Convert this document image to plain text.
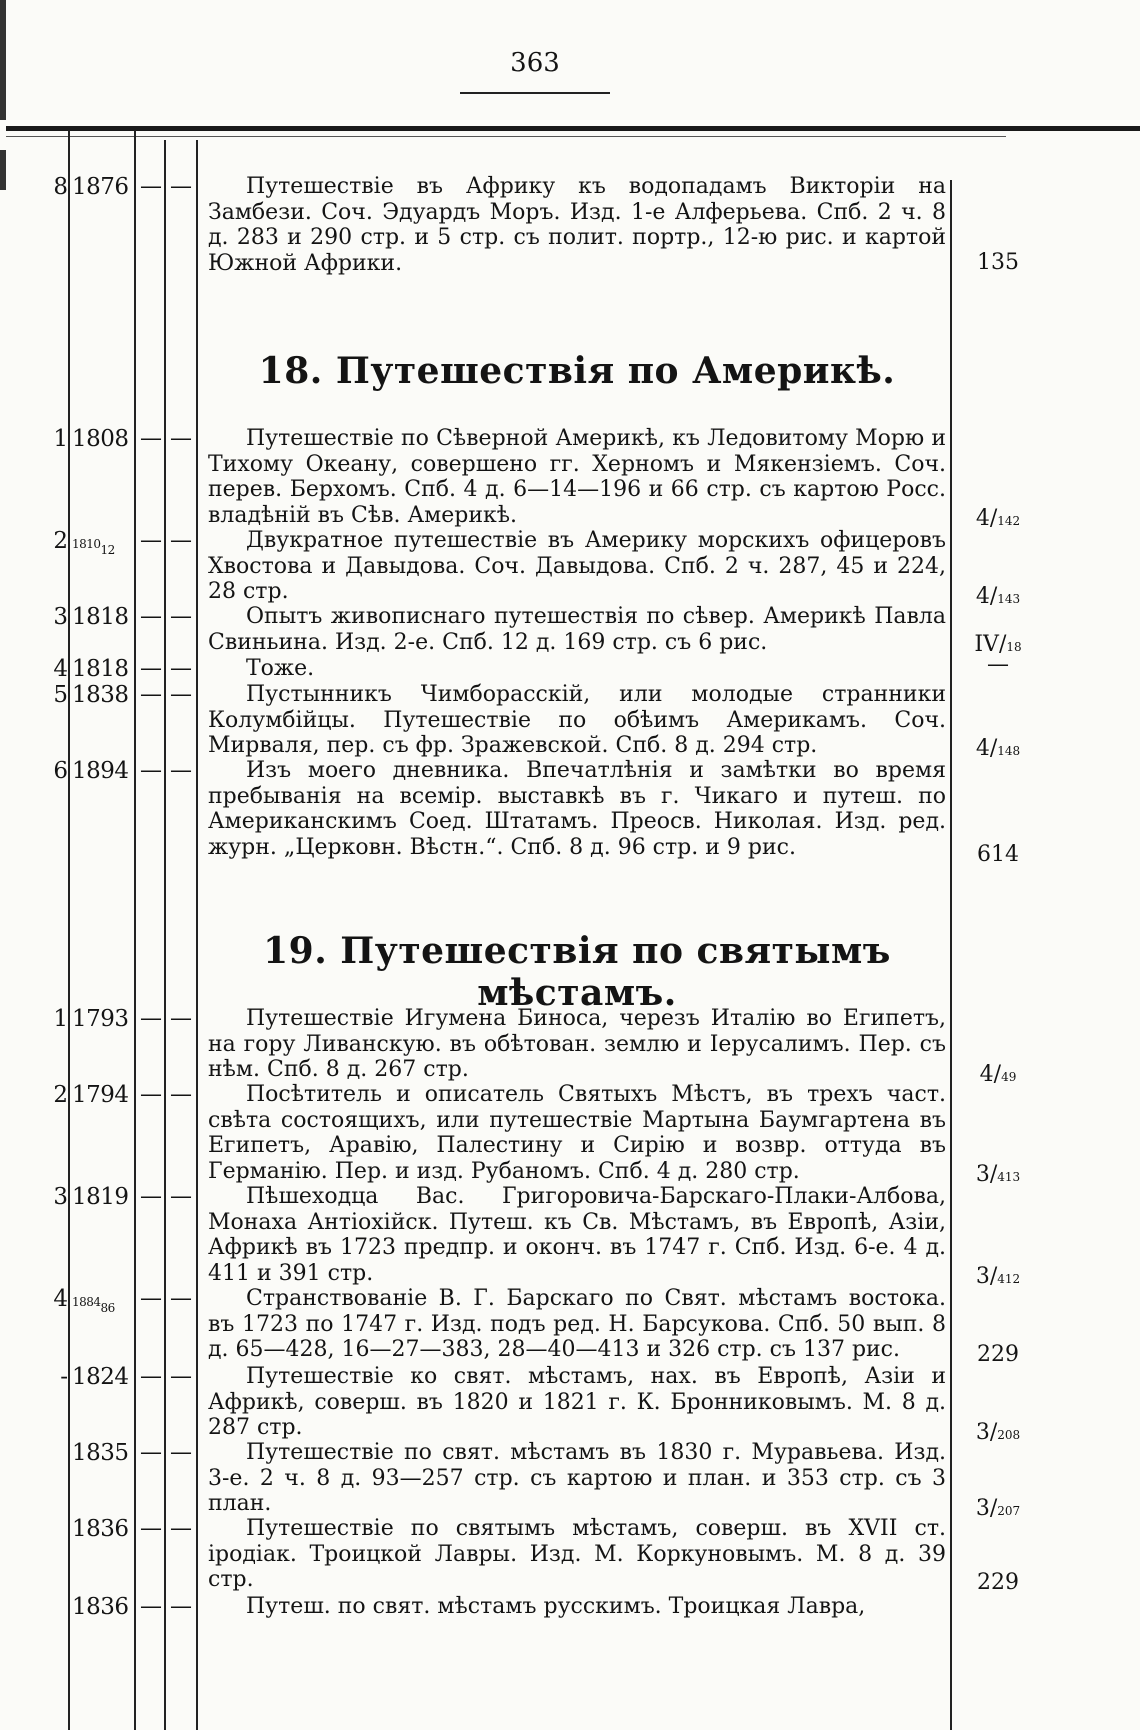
363
8 1876 — —	Путешествіе въ Африку къ водопадамъ Викторіи на Замбези. Соч. Эдуардъ Моръ. Изд. 1-е Алферьева. Спб. 2 ч. 8 д. 283 и 290 стр. и 5 стр. съ полит. портр., 12-ю рис. и картой Южной Африки.	135
18. Путешествія по Америкѣ.
1 1808 — —	Путешествіе по Сѣверной Америкѣ, къ Ледовитому Морю и Тихому Океану, совершено гг. Херномъ и Мякензіемъ. Соч. перев. Берхомъ. Спб. 4 д. 6—14—196 и 66 стр. съ картою Росс. владѣній въ Сѣв. Америкѣ.	4/142
2 $1810_{12}$	— —	Двукратное путешествіе въ Америку морскихъ офицеровъ Хвостова и Давыдова. Соч. Давыдова. Спб. 2 ч. 287, 45 и 224, 28 стр.	4/143
3 1818 — —	Опытъ живописнаго путешествія по сѣвер. Америкѣ Павла Свиньина. Изд. 2-е. Спб. 12 д. 169 стр. съ 6 рис.	IV/18
4 1818 — —	Тоже.	—
5 1838 — —	Пустынникъ Чимборасскій, или молодые странники Колумбійцы. Путешествіе по обѣимъ Америкамъ. Соч. Мирваля, пер. съ фр. Зражевской. Спб. 8 д. 294 стр.	4/148
6 1894 — —	Изъ моего дневника. Впечатлѣнія и замѣтки во время пребыванія на всемір. выставкѣ въ г. Чикаго и путеш. по Американскимъ Соед. Штатамъ. Преосв. Николая. Изд. ред. журн. „Церковн. Вѣстн.“. Спб. 8 д. 96 стр. и 9 рис.	614
19. Путешествія по святымъ мѣстамъ.
1 1793 — —	Путешествіе Игумена Биноса, черезъ Италію во Египетъ, на гору Ливанскую. въ обѣтован. землю и Іерусалимъ. Пер. съ нѣм. Спб. 8 д. 267 стр.	4/49
2 1794 — —	Посѣтитель и описатель Святыхъ Мѣстъ, въ трехъ част. свѣта состоящихъ, или путешествіе Мартына Баумгартена въ Египетъ, Аравію, Палестину и Сирію и возвр. оттуда въ Германію. Пер. и изд. Рубаномъ. Спб. 4 д. 280 стр.	3/413
3 1819 — —	Пѣшеходца Вас. Григоровича-Барскаго-Плаки-Албова, Монаха Антіохійск. Путеш. къ Св. Мѣстамъ, въ Европѣ, Азіи, Африкѣ въ 1723 предпр. и оконч. въ 1747 г. Спб. Изд. 6-е. 4 д. 411 и 391 стр.	3/412
4 $1884_{86}$	— —	Странствованіе В. Г. Барскаго по Свят. мѣстамъ востока. въ 1723 по 1747 г. Изд. подъ ред. Н. Барсукова. Спб. 50 вып. 8 д. 65—428, 16—27—383, 28—40—413 и 326 стр. съ 137 рис.	229
- 1824 — —	Путешествіе ко свят. мѣстамъ, нах. въ Европѣ, Азіи и Африкѣ, соверш. въ 1820 и 1821 г. К. Бронниковымъ. М. 8 д. 287 стр.	3/208
1835 — —	Путешествіе по свят. мѣстамъ въ 1830 г. Муравьева. Изд. 3-е. 2 ч. 8 д. 93—257 стр. съ картою и план. и 353 стр. съ 3 план.	3/207
1836 — —	Путешествіе по святымъ мѣстамъ, соверш. въ XVII ст. іродіак. Троицкой Лавры. Изд. М. Коркуновымъ. М. 8 д. 39 стр.	229
1836 — —	Путеш. по свят. мѣстамъ русскимъ. Троицкая Лавра,
